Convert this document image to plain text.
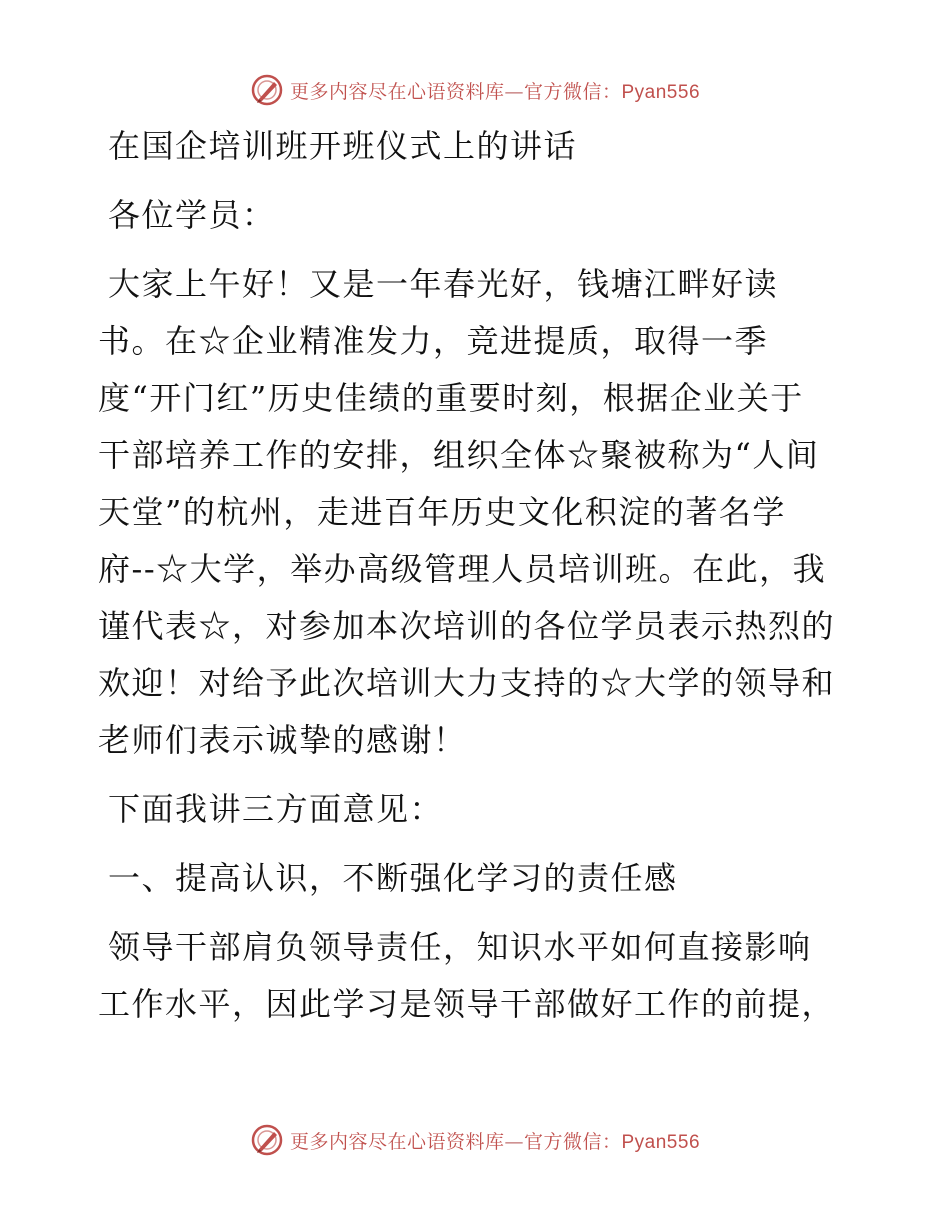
更多内容尽在心语资料库—官方微信：Pyan556
在国企培训班开班仪式上的讲话
各位学员：
大家上午好！又是一年春光好，钱塘江畔好读
书。在☆企业精准发力，竞进提质，取得一季
度“开门红”历史佳绩的重要时刻，根据企业关于
干部培养工作的安排，组织全体☆聚被称为“人间
天堂”的杭州，走进百年历史文化积淀的著名学
府--☆大学，举办高级管理人员培训班。在此，我
谨代表☆，对参加本次培训的各位学员表示热烈的
欢迎！对给予此次培训大力支持的☆大学的领导和
老师们表示诚挚的感谢！
下面我讲三方面意见：
一、提高认识，不断强化学习的责任感
领导干部肩负领导责任，知识水平如何直接影响
工作水平，因此学习是领导干部做好工作的前提，
更多内容尽在心语资料库—官方微信：Pyan556
